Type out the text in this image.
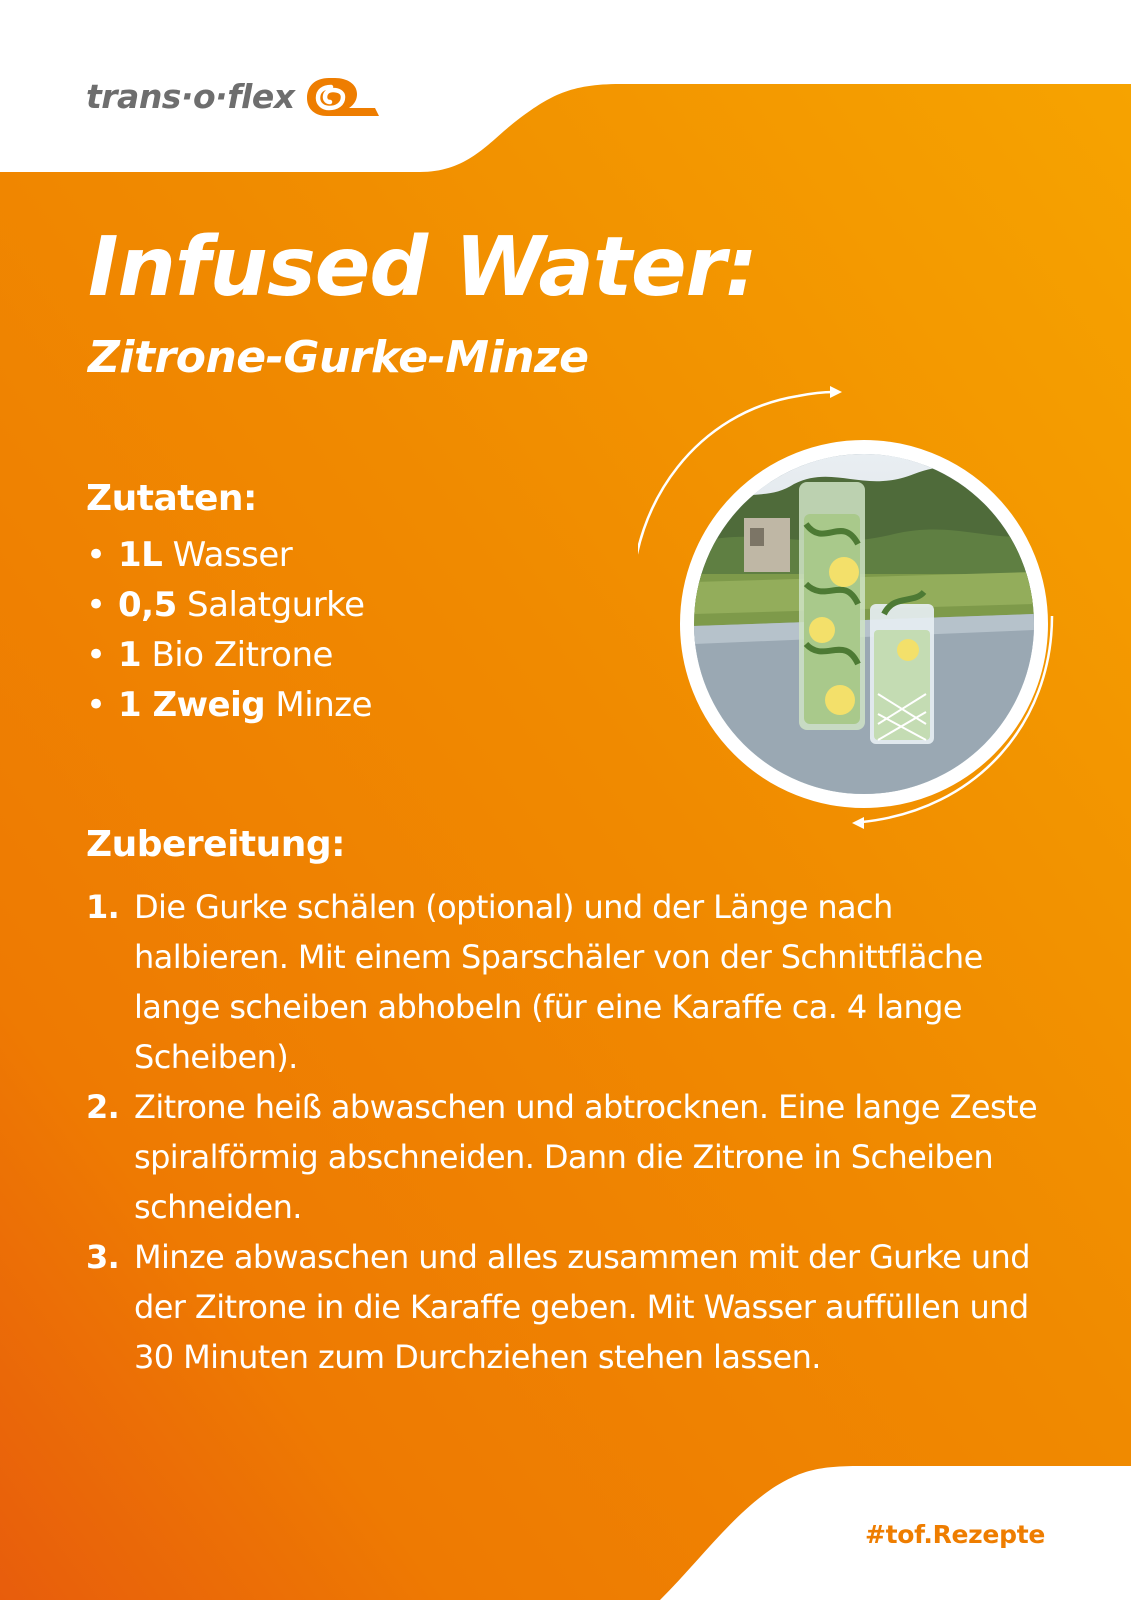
trans·o·flex
Infused Water:
Zitrone-Gurke-Minze
Zutaten:
• 1L Wasser
• 0,5 Salatgurke
• 1 Bio Zitrone
• 1 Zweig Minze
Zubereitung:
1. Die Gurke schälen (optional) und der Länge nach halbieren. Mit einem Sparschäler von der Schnittfläche lange scheiben abhobeln (für eine Karaffe ca. 4 lange Scheiben).
2. Zitrone heiß abwaschen und abtrocknen. Eine lange Zeste spiralförmig abschneiden. Dann die Zitrone in Scheiben schneiden.
3. Minze abwaschen und alles zusammen mit der Gurke und der Zitrone in die Karaffe geben. Mit Wasser auffüllen und 30 Minuten zum Durchziehen stehen lassen.
#tof.Rezepte
